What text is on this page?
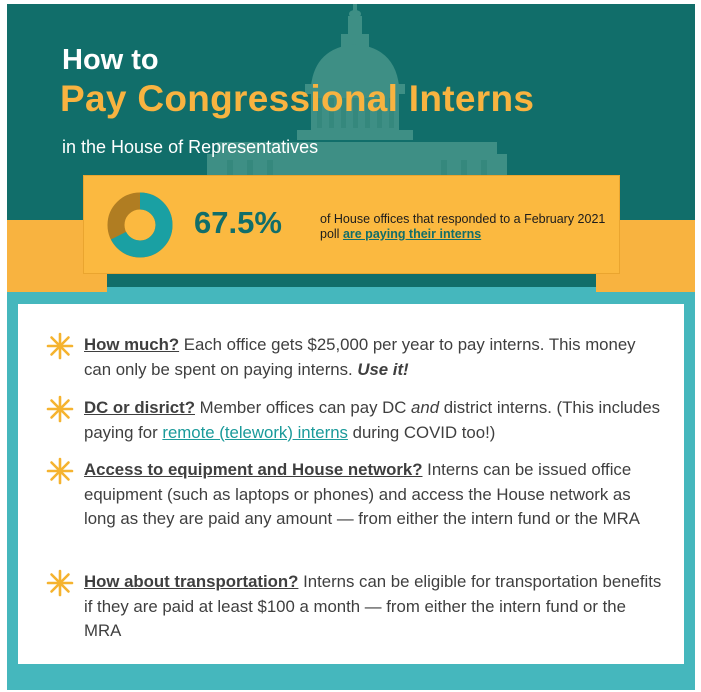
How to
Pay Congressional Interns

in the House of Representatives

67.5%	of House offices that responded to a February 2021 poll are paying their interns

How much? Each office gets $25,000 per year to pay interns. This money can only be spent on paying interns. Use it!

DC or disrict? Member offices can pay DC and district interns. (This includes paying for remote (telework) interns during COVID too!)

Access to equipment and House network? Interns can be issued office equipment (such as laptops or phones) and access the House network as long as they are paid any amount — from either the intern fund or the MRA

How about transportation? Interns can be eligible for transportation benefits if they are paid at least $100 a month — from either the intern fund or the MRA
